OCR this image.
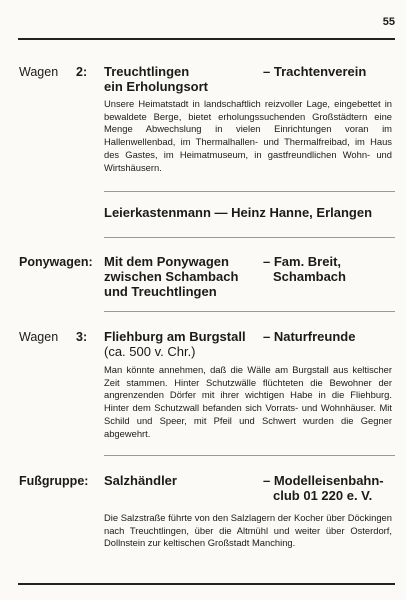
55
Wagen 2: Treuchtlingen
ein Erholungsort
– Trachtenverein
Unsere Heimatstadt in landschaftlich reizvoller Lage, eingebettet in bewaldete Berge, bietet erholungssuchenden Großstädtern eine Menge Abwechslung in vielen Einrichtungen voran im Hallenwellenbad, im Thermalhallen- und Thermalfreibad, im Haus des Gastes, im Heimatmuseum, in gastfreundlichen Wohn- und Wirtshäusern.
Leierkastenmann — Heinz Hanne, Erlangen
Ponywagen: Mit dem Ponywagen
zwischen Schambach
und Treuchtlingen
– Fam. Breit,
Schambach
Wagen 3: Fliehburg am Burgstall
(ca. 500 v. Chr.)
– Naturfreunde
Man könnte annehmen, daß die Wälle am Burgstall aus keltischer Zeit stammen. Hinter Schutzwälle flüchteten die Bewohner der angrenzenden Dörfer mit ihrer wichtigen Habe in die Fliehburg. Hinter dem Schutzwall befanden sich Vorrats- und Wohnhäuser. Mit Schild und Speer, mit Pfeil und Schwert wurden die Gegner abgewehrt.
Fußgruppe: Salzhändler	– Modelleisenbahn-
club 01 220 e. V.
Die Salzstraße führte von den Salzlagern der Kocher über Döckingen nach Treuchtlingen, über die Altmühl und weiter über Osterdorf, Dollnstein zur keltischen Großstadt Manching.
